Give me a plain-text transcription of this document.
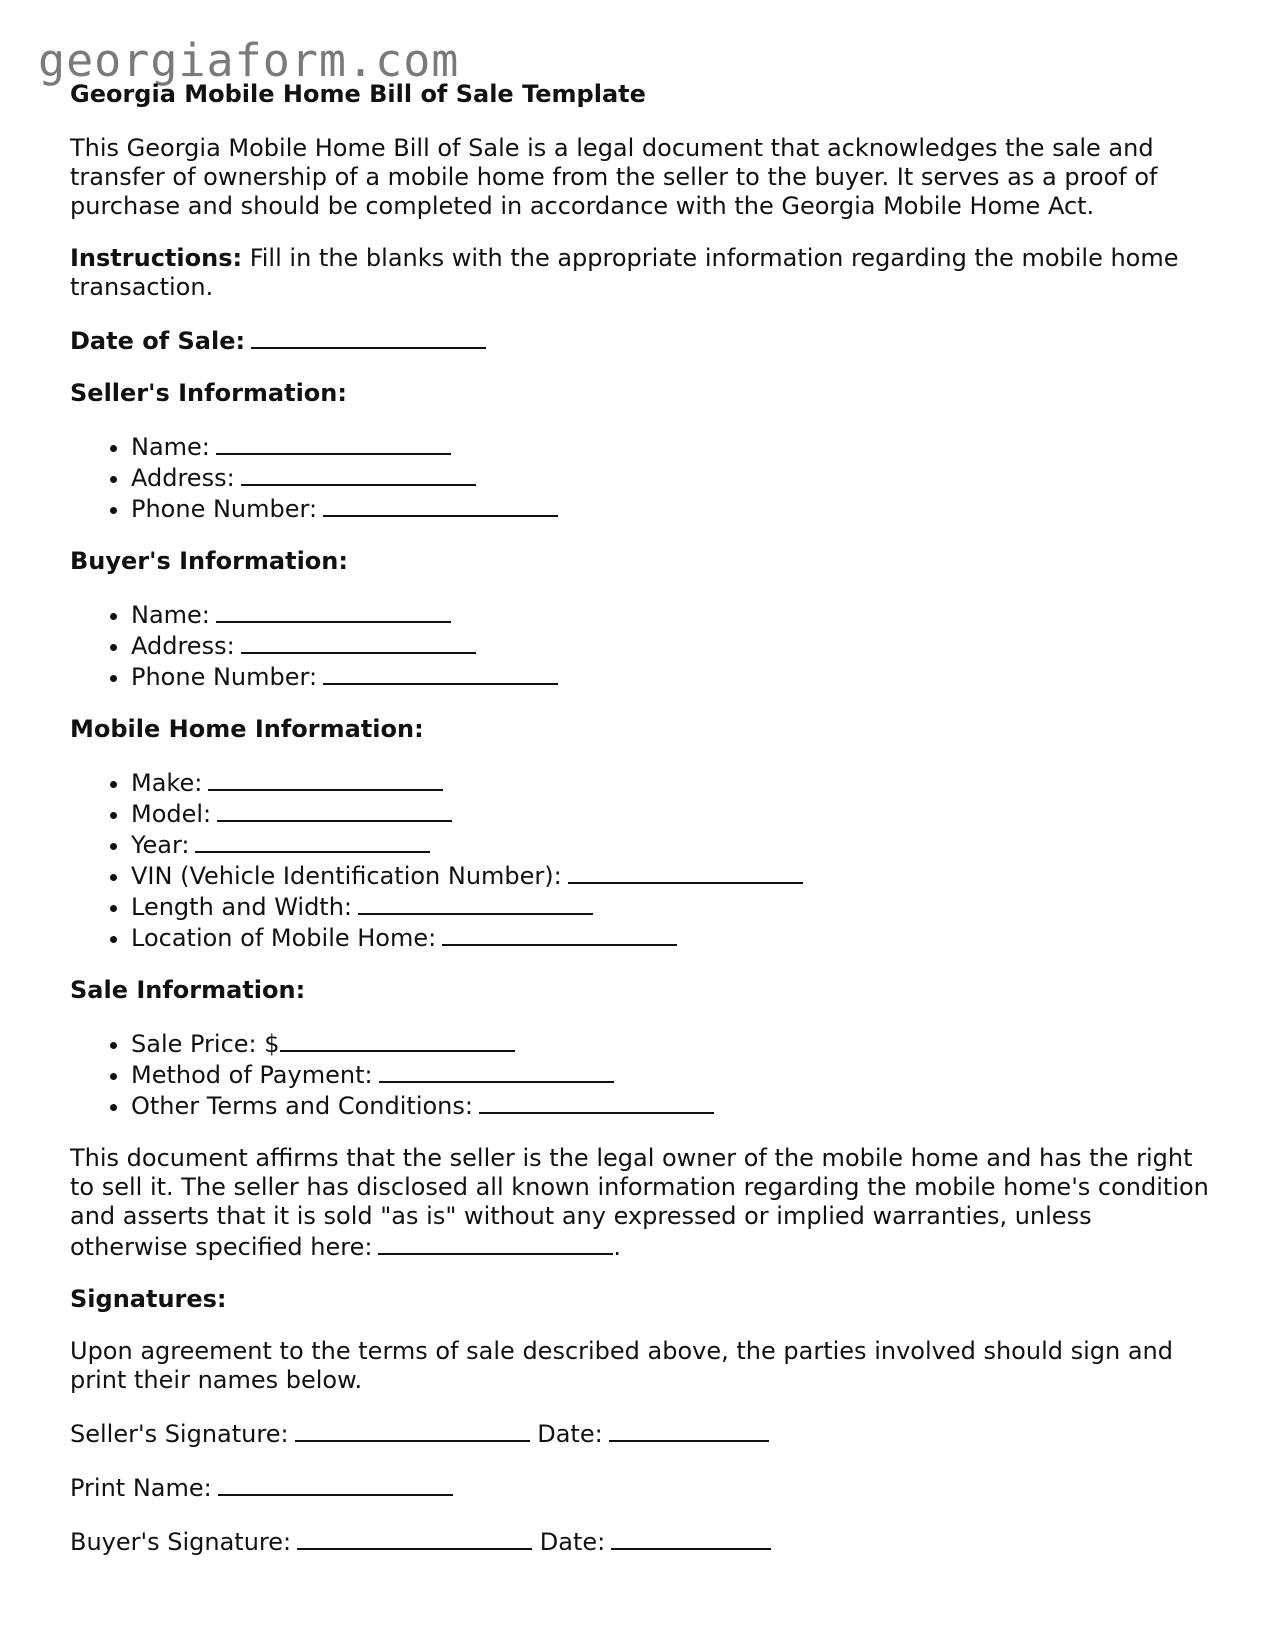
georgiaform.com
Georgia Mobile Home Bill of Sale Template

This Georgia Mobile Home Bill of Sale is a legal document that acknowledges the sale and transfer of ownership of a mobile home from the seller to the buyer. It serves as a proof of purchase and should be completed in accordance with the Georgia Mobile Home Act.

Instructions: Fill in the blanks with the appropriate information regarding the mobile home transaction.

Date of Sale:

Seller's Information:

• Name:
• Address:
• Phone Number:

Buyer's Information:

• Name:
• Address:
• Phone Number:

Mobile Home Information:

• Make:
• Model:
• Year:
• VIN (Vehicle Identification Number):
• Length and Width:
• Location of Mobile Home:

Sale Information:

• Sale Price: $
• Method of Payment:
• Other Terms and Conditions:

This document affirms that the seller is the legal owner of the mobile home and has the right to sell it. The seller has disclosed all known information regarding the mobile home's condition and asserts that it is sold "as is" without any expressed or implied warranties, unless otherwise specified here:	.

Signatures:

Upon agreement to the terms of sale described above, the parties involved should sign and print their names below.

Seller's Signature:	Date:

Print Name:

Buyer's Signature:	Date:
